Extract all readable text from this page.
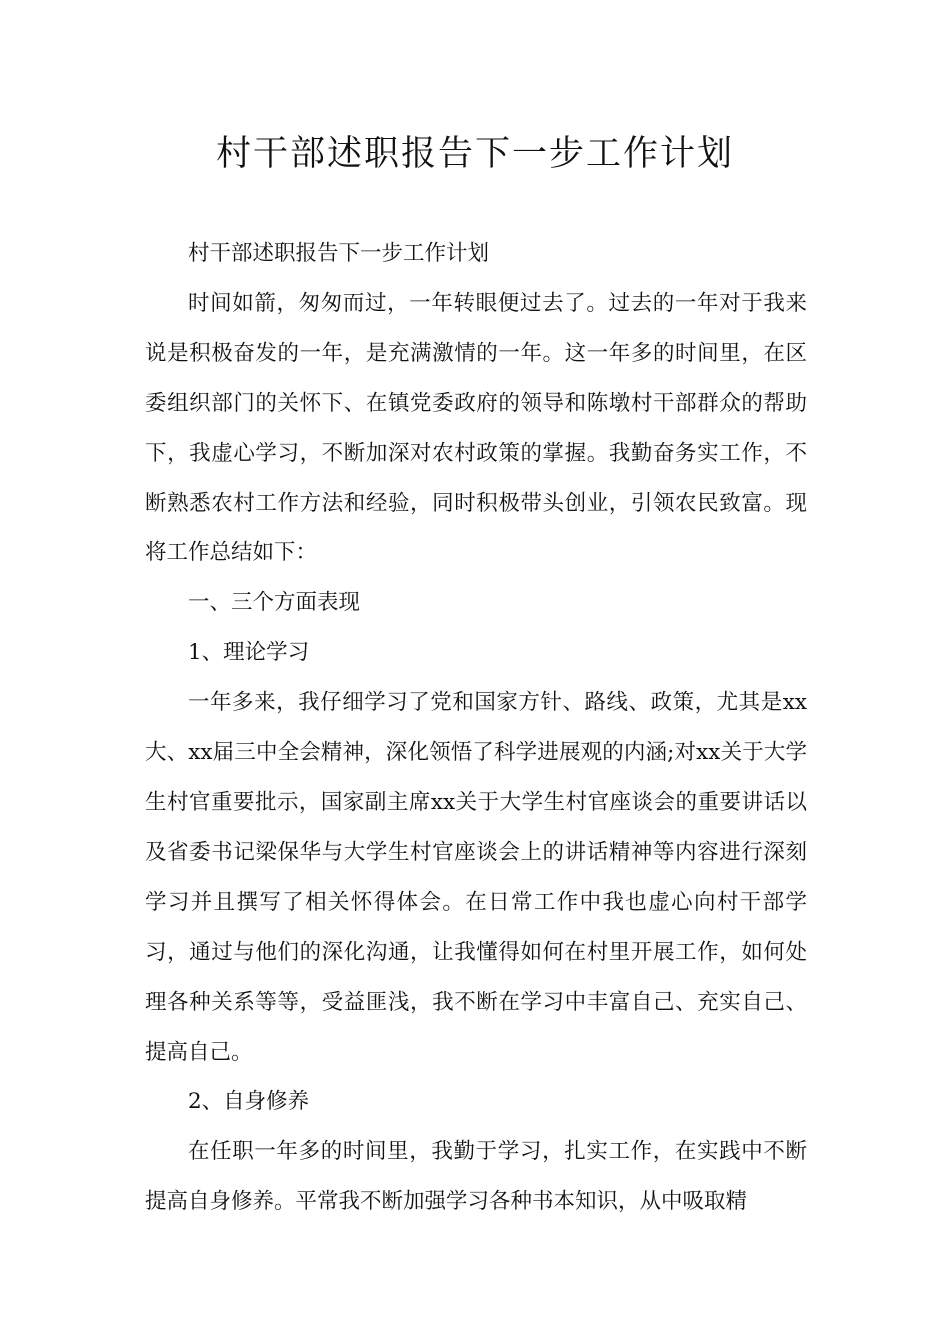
村干部述职报告下一步工作计划

村干部述职报告下一步工作计划

时间如箭，匆匆而过，一年转眼便过去了。过去的一年对于我来说是积极奋发的一年，是充满激情的一年。这一年多的时间里，在区委组织部门的关怀下、在镇党委政府的领导和陈墩村干部群众的帮助下，我虚心学习，不断加深对农村政策的掌握。我勤奋务实工作，不断熟悉农村工作方法和经验，同时积极带头创业，引领农民致富。现将工作总结如下：

一、三个方面表现

1、理论学习

一年多来，我仔细学习了党和国家方针、路线、政策，尤其是xx大、xx届三中全会精神，深化领悟了科学进展观的内涵;对xx关于大学生村官重要批示，国家副主席xx关于大学生村官座谈会的重要讲话以及省委书记梁保华与大学生村官座谈会上的讲话精神等内容进行深刻学习并且撰写了相关怀得体会。在日常工作中我也虚心向村干部学习，通过与他们的深化沟通，让我懂得如何在村里开展工作，如何处理各种关系等等，受益匪浅，我不断在学习中丰富自己、充实自己、提高自己。

2、自身修养

在任职一年多的时间里，我勤于学习，扎实工作，在实践中不断提高自身修养。平常我不断加强学习各种书本知识，从中吸取精
